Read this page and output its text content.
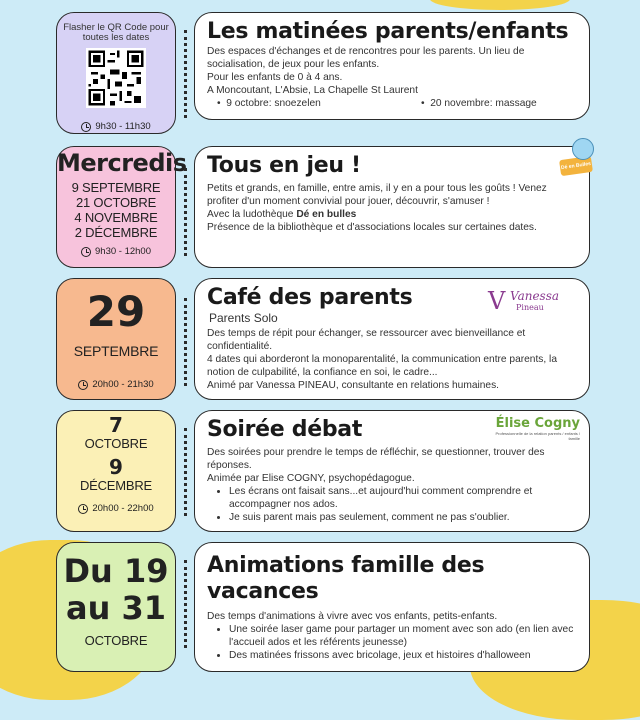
Flasher le QR Code pour toutes les dates
9h30 - 11h30
Les matinées parents/enfants

Des espaces d'échanges et de rencontres pour les parents. Un lieu de socialisation, de jeux pour les enfants.

Pour les enfants de 0 à 4 ans.

A Moncoutant, L'Absie, La Chapelle St Laurent

•  9 octobre: snoezelen	•  20 novembre: massage
Mercredis
9 SEPTEMBRE
21 OCTOBRE
4 NOVEMBRE
2 DÉCEMBRE
9h30 - 12h00
Tous en jeu !

Petits et grands, en famille, entre amis, il y en a pour tous les goûts ! Venez profiter d'un moment convivial pour jouer, découvrir, s'amuser !

Avec la ludothèque Dé en bulles

Présence de la bibliothèque et d'associations locales sur certaines dates.

Dé en Bulles
29
SEPTEMBRE
20h00 - 21h30
Café des parents

Parents Solo

Des temps de répit pour échanger, se ressourcer avec bienveillance et confidentialité.

4 dates qui aborderont la monoparentalité, la communication entre parents, la notion de culpabilité, la confiance en soi, le cadre...

Animé par Vanessa PINEAU, consultante en relations humaines.

V Vanessa
Pineau
7
OCTOBRE
9
DÉCEMBRE
20h00 - 22h00
Soirée débat

Des soirées pour prendre le temps de réfléchir, se questionner, trouver des réponses.

Animée par Elise COGNY, psychopédagogue.

• Les écrans ont faisait sans...et aujourd'hui comment comprendre et accompagner nos ados.
• Je suis parent mais pas seulement, comment ne pas s'oublier.
Élise Cogny
Professionnelle de la relation parents / enfants / famille
Du 19
au 31
OCTOBRE
Animations famille des vacances

Des temps d'animations à vivre avec vos enfants, petits-enfants.

• Une soirée laser game pour partager un moment avec son ado (en lien avec l'accueil ados et les référents jeunesse)
• Des matinées frissons avec bricolage, jeux et histoires d'halloween
